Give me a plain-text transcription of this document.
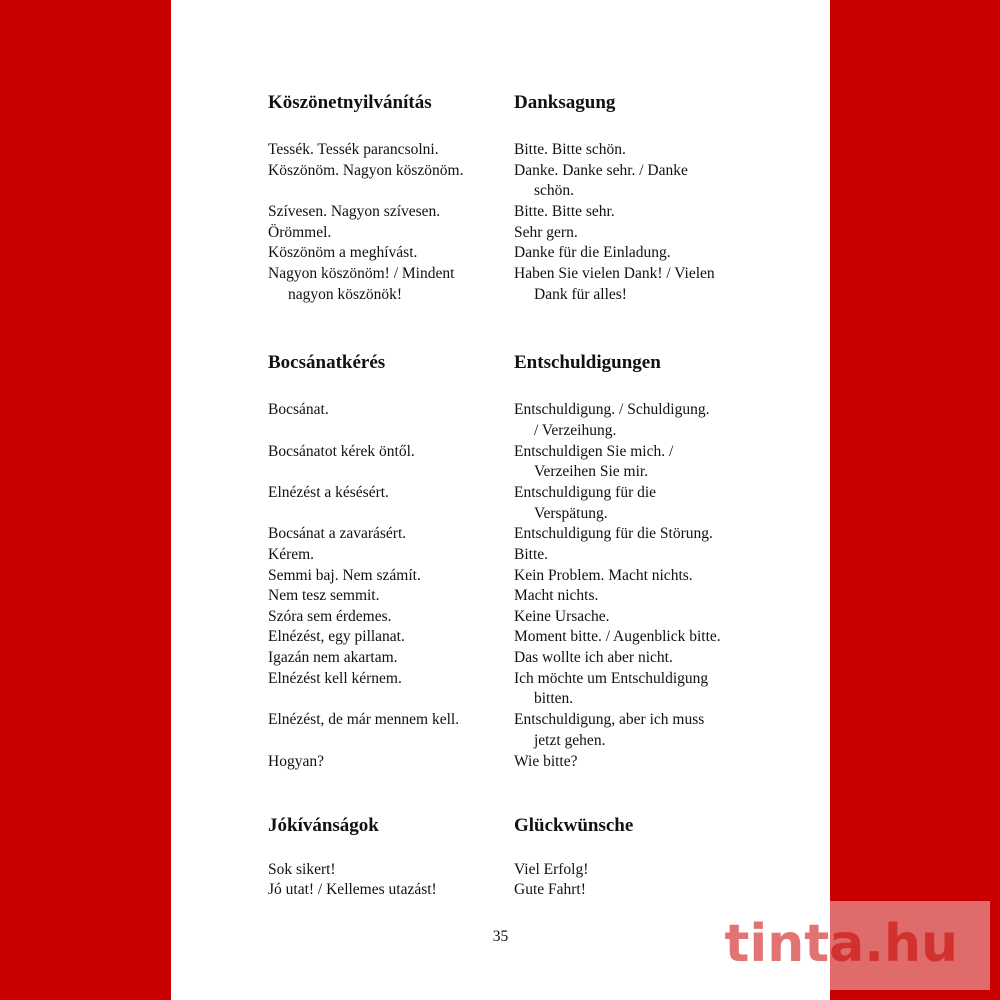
Köszönetnyilvánítás
Tessék. Tessék parancsolni.
Köszönöm. Nagyon köszönöm.
Szívesen. Nagyon szívesen.
Örömmel.
Köszönöm a meghívást.
Nagyon köszönöm! / Mindent
nagyon köszönök!
Bocsánatkérés
Bocsánat.
Bocsánatot kérek öntől.
Elnézést a késésért.
Bocsánat a zavarásért.
Kérem.
Semmi baj. Nem számít.
Nem tesz semmit.
Szóra sem érdemes.
Elnézést, egy pillanat.
Igazán nem akartam.
Elnézést kell kérnem.
Elnézést, de már mennem kell.
Hogyan?
Jókívánságok
Sok sikert!
Jó utat! / Kellemes utazást!
Danksagung
Bitte. Bitte schön.
Danke. Danke sehr. / Danke
schön.
Bitte. Bitte sehr.
Sehr gern.
Danke für die Einladung.
Haben Sie vielen Dank! / Vielen
Dank für alles!
Entschuldigungen
Entschuldigung. / Schuldigung.
/ Verzeihung.
Entschuldigen Sie mich. /
Verzeihen Sie mir.
Entschuldigung für die
Verspätung.
Entschuldigung für die Störung.
Bitte.
Kein Problem. Macht nichts.
Macht nichts.
Keine Ursache.
Moment bitte. / Augenblick bitte.
Das wollte ich aber nicht.
Ich möchte um Entschuldigung
bitten.
Entschuldigung, aber ich muss
jetzt gehen.
Wie bitte?
Glückwünsche
Viel Erfolg!
Gute Fahrt!
35	tinta.hu
